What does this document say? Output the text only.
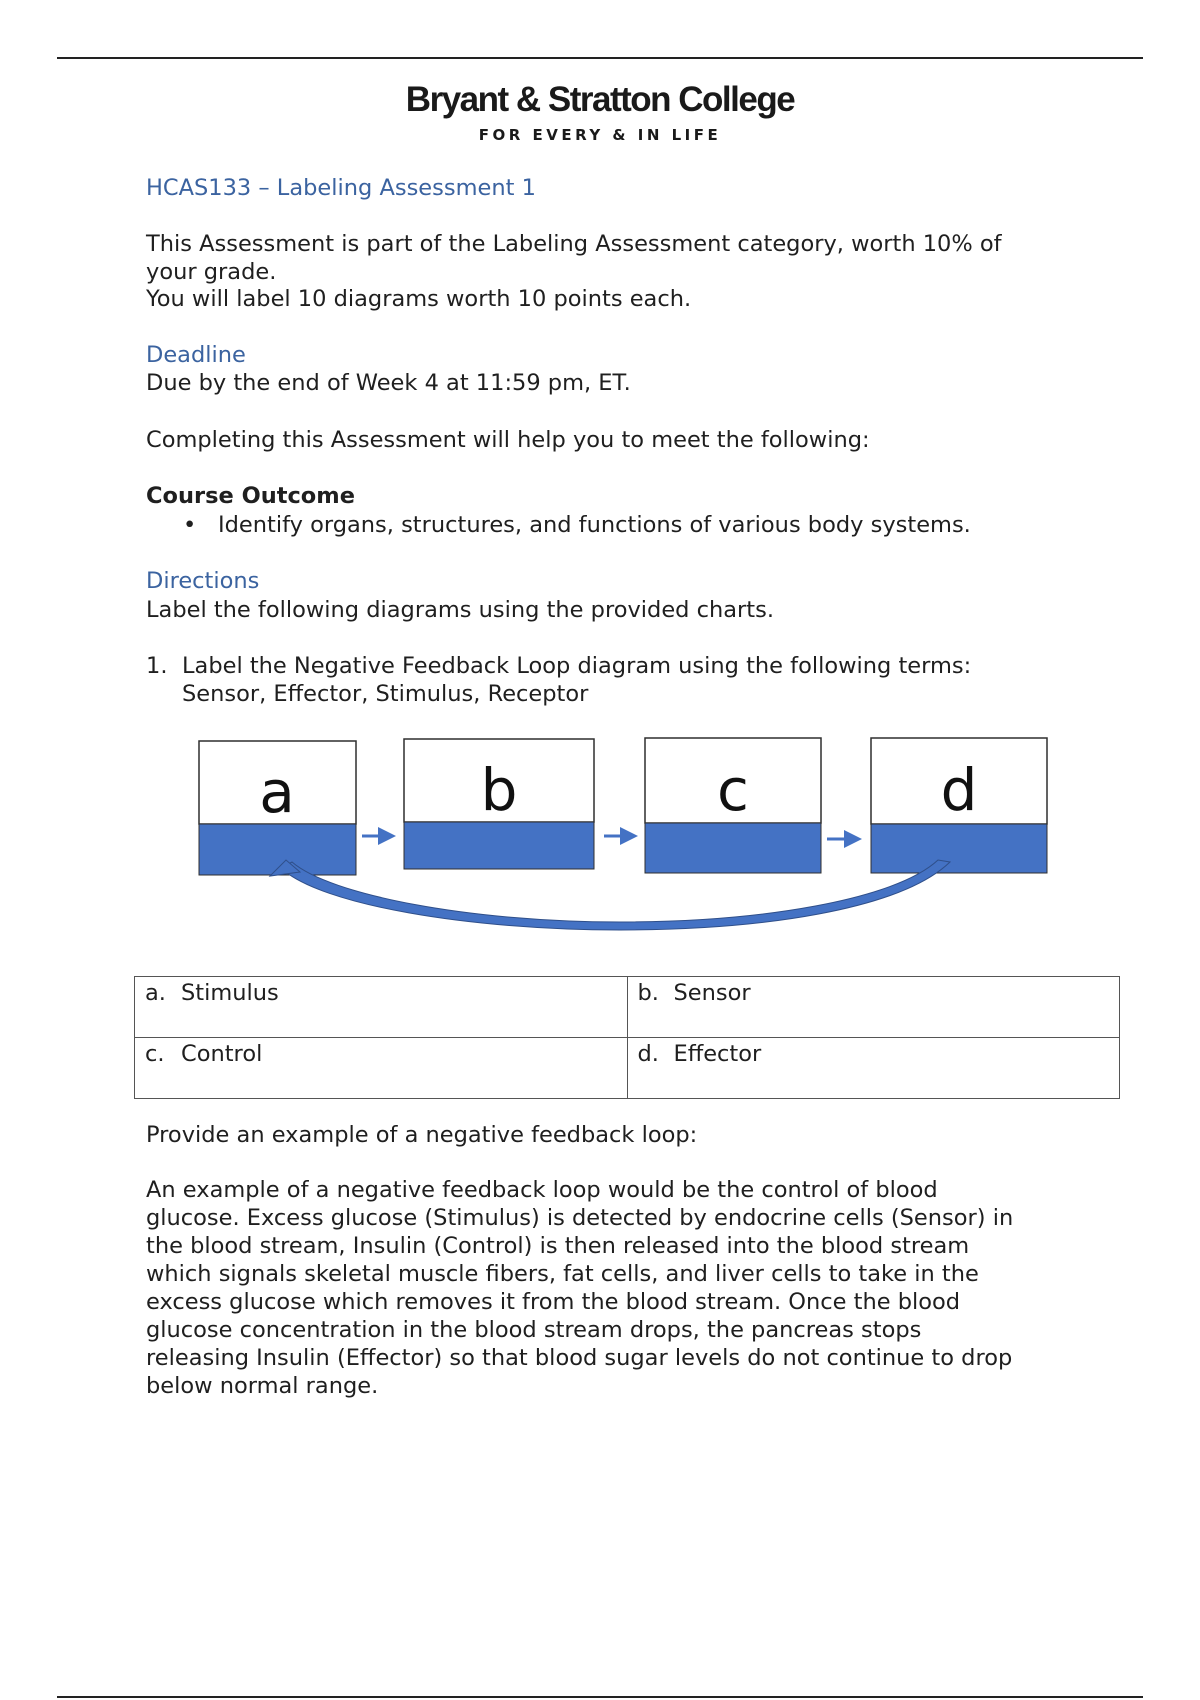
Bryant & Stratton College
FOR EVERY & IN LIFE
HCAS133 – Labeling Assessment 1
This Assessment is part of the Labeling Assessment category, worth 10% of
your grade.
You will label 10 diagrams worth 10 points each.
Deadline
Due by the end of Week 4 at 11:59 pm, ET.
Completing this Assessment will help you to meet the following:
Course Outcome
• Identify organs, structures, and functions of various body systems.
Directions
Label the following diagrams using the provided charts.
1. Label the Negative Feedback Loop diagram using the following terms:
Sensor, Effector, Stimulus, Receptor
a	b	c	d
a. Stimulus	b. Sensor
c. Control	d. Effector
Provide an example of a negative feedback loop:
An example of a negative feedback loop would be the control of blood
glucose. Excess glucose (Stimulus) is detected by endocrine cells (Sensor) in
the blood stream, Insulin (Control) is then released into the blood stream
which signals skeletal muscle fibers, fat cells, and liver cells to take in the
excess glucose which removes it from the blood stream. Once the blood
glucose concentration in the blood stream drops, the pancreas stops
releasing Insulin (Effector) so that blood sugar levels do not continue to drop
below normal range.
